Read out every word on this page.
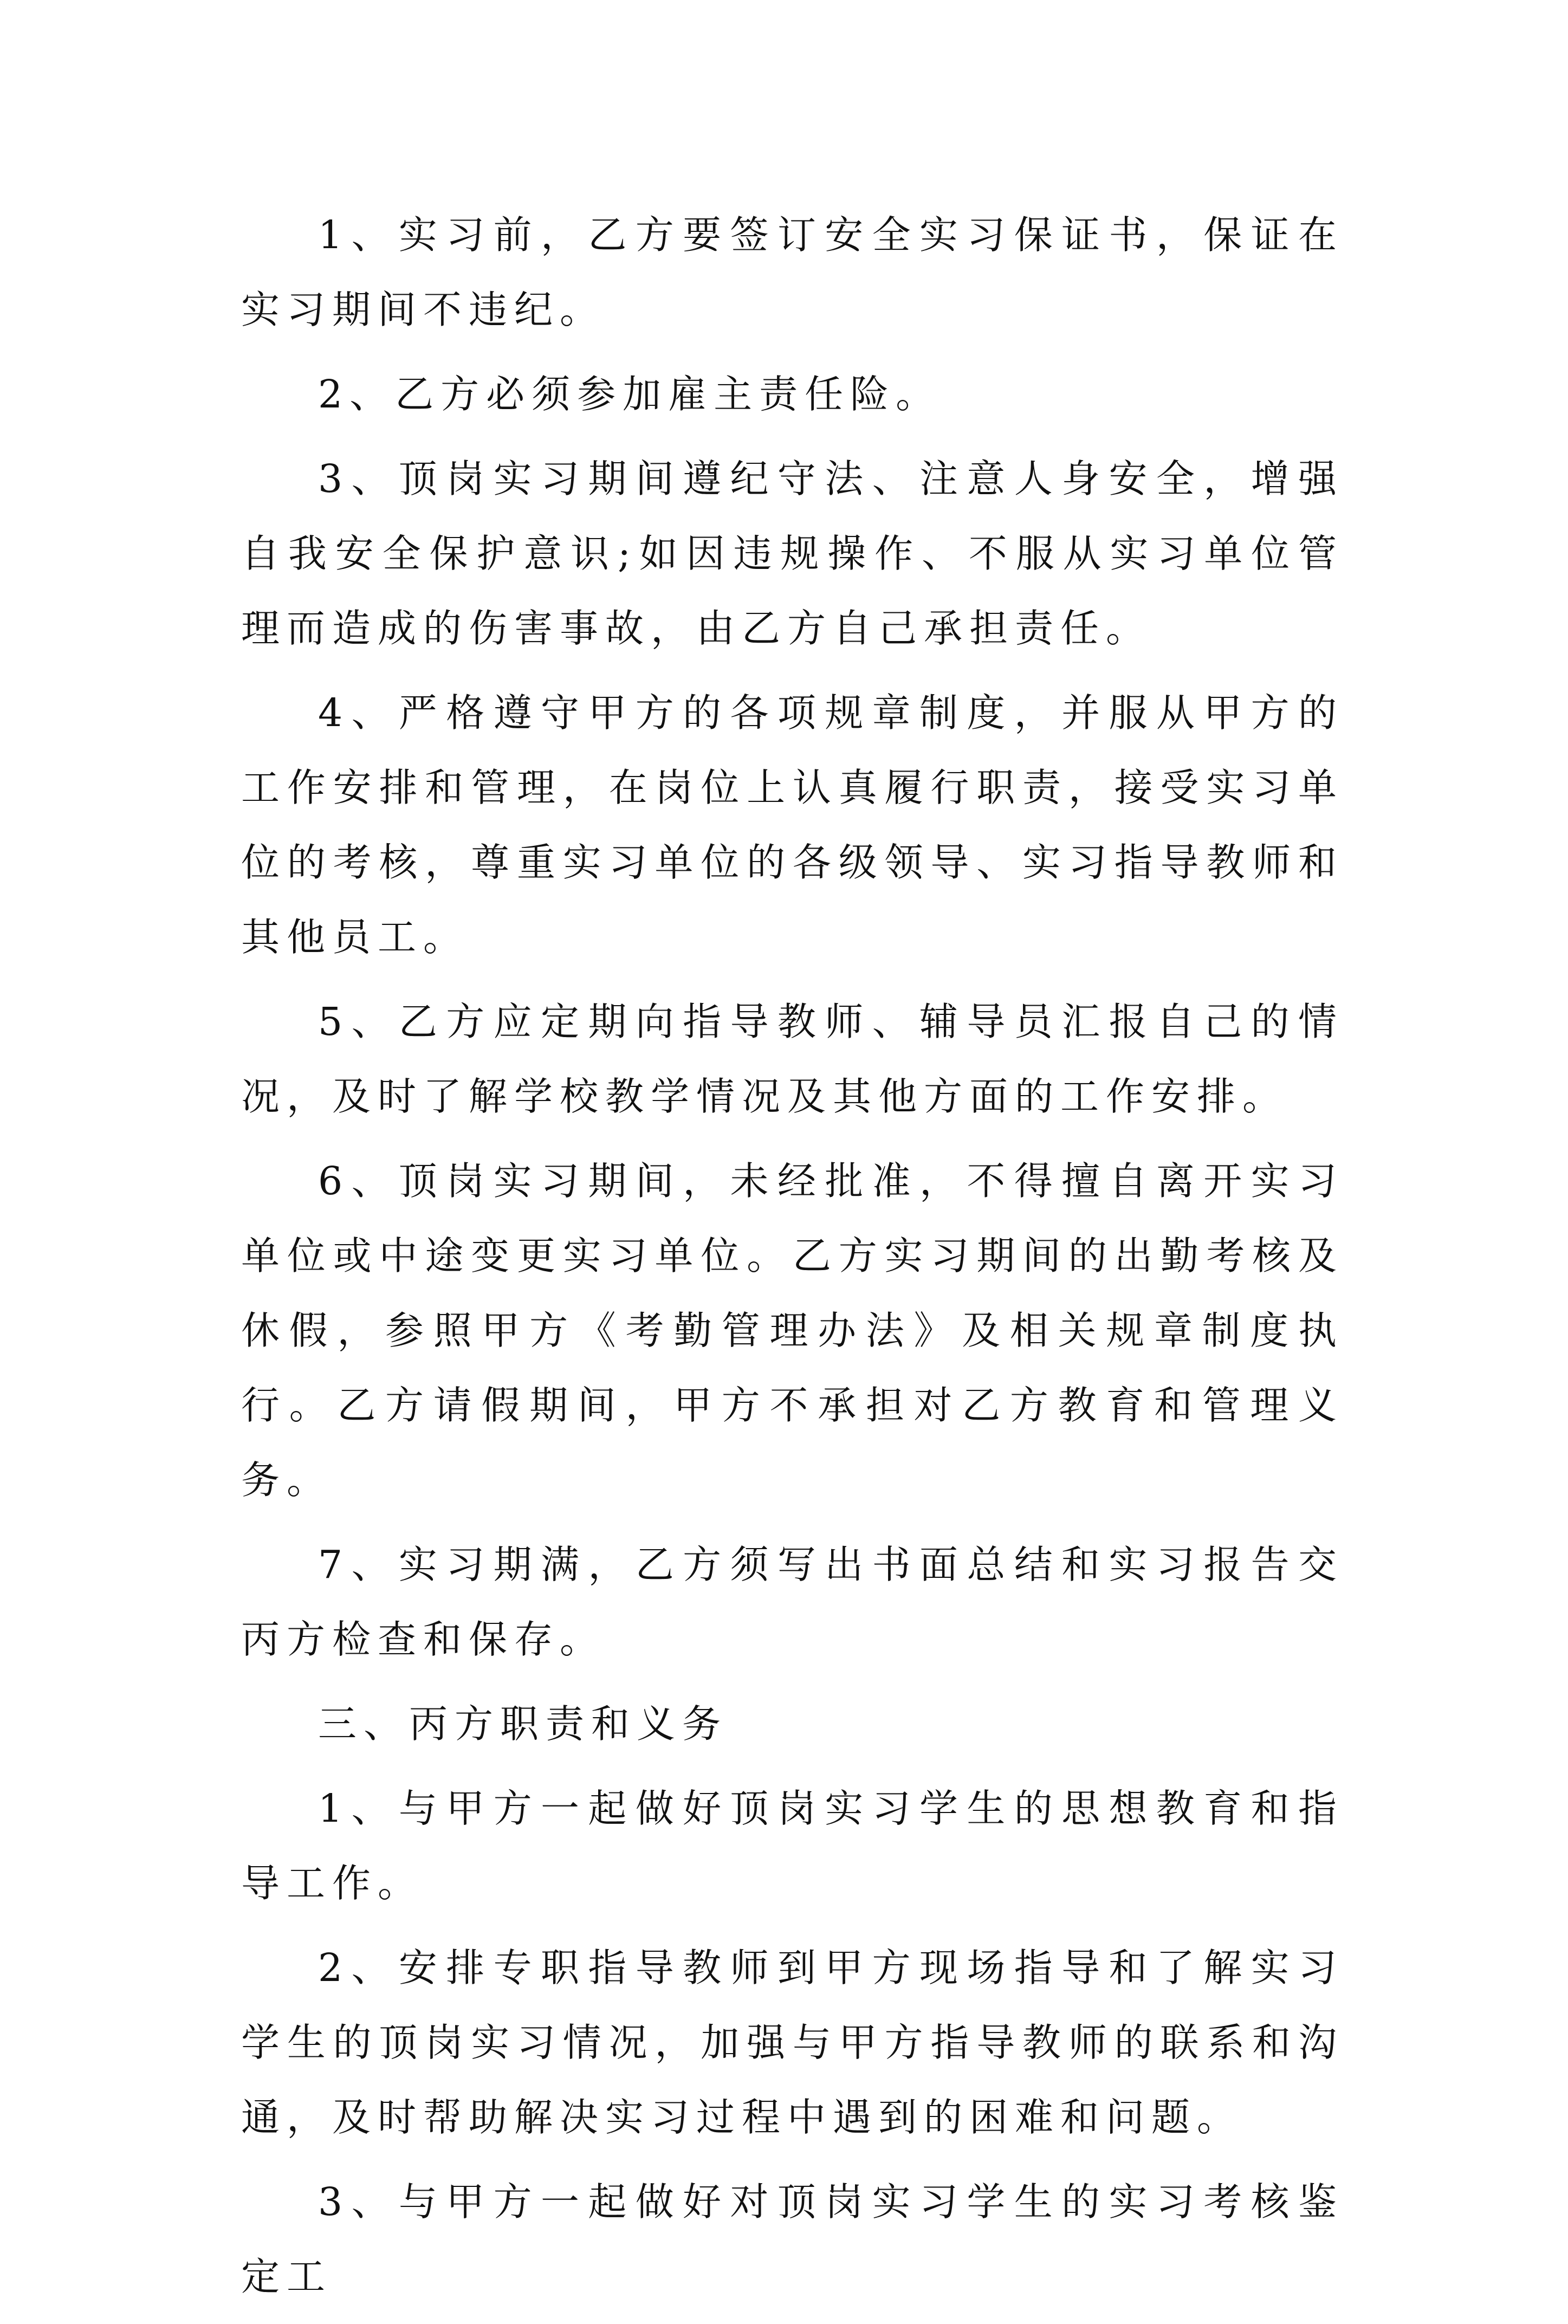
1、实习前，乙方要签订安全实习保证书，保证在实习期间不违纪。

2、乙方必须参加雇主责任险。

3、顶岗实习期间遵纪守法、注意人身安全，增强自我安全保护意识;如因违规操作、不服从实习单位管理而造成的伤害事故，由乙方自己承担责任。

4、严格遵守甲方的各项规章制度，并服从甲方的工作安排和管理，在岗位上认真履行职责，接受实习单位的考核，尊重实习单位的各级领导、实习指导教师和其他员工。

5、乙方应定期向指导教师、辅导员汇报自己的情况，及时了解学校教学情况及其他方面的工作安排。

6、顶岗实习期间，未经批准，不得擅自离开实习单位或中途变更实习单位。乙方实习期间的出勤考核及休假，参照甲方《考勤管理办法》及相关规章制度执行。乙方请假期间，甲方不承担对乙方教育和管理义务。

7、实习期满，乙方须写出书面总结和实习报告交丙方检查和保存。

三、丙方职责和义务

1、与甲方一起做好顶岗实习学生的思想教育和指导工作。

2、安排专职指导教师到甲方现场指导和了解实习学生的顶岗实习情况，加强与甲方指导教师的联系和沟通，及时帮助解决实习过程中遇到的困难和问题。

3、与甲方一起做好对顶岗实习学生的实习考核鉴定工
